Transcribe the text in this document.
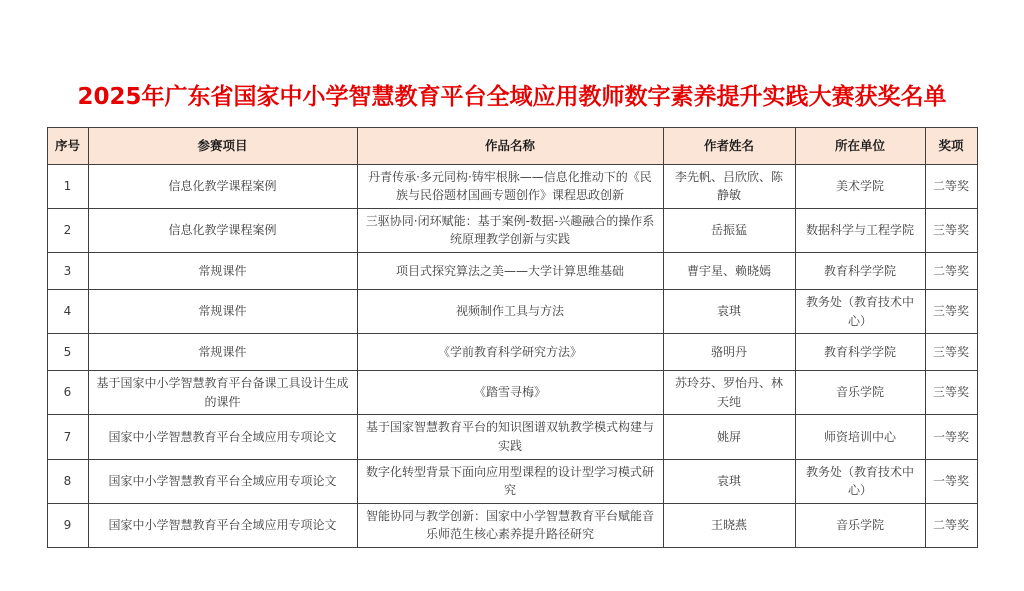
2025年广东省国家中小学智慧教育平台全域应用教师数字素养提升实践大赛获奖名单
序号	参赛项目	作品名称	作者姓名	所在单位	奖项
1	信息化教学课程案例	丹青传承·多元同构·铸牢根脉——信息化推动下的《民族与民俗题材国画专题创作》课程思政创新	李先帆、吕欣欣、陈静敏	美术学院	二等奖
2	信息化教学课程案例	三驱协同·闭环赋能：基于案例-数据-兴趣融合的操作系统原理教学创新与实践	岳振猛	数据科学与工程学院	三等奖
3	常规课件	项目式探究算法之美——大学计算思维基础	曹宇星、赖晓嫣	教育科学学院	二等奖
4	常规课件	视频制作工具与方法	袁琪	教务处（教育技术中心）	三等奖
5	常规课件	《学前教育科学研究方法》	骆明丹	教育科学学院	三等奖
6	基于国家中小学智慧教育平台备课工具设计生成的课件	《踏雪寻梅》	苏玲芬、罗怡丹、林天纯	音乐学院	三等奖
7	国家中小学智慧教育平台全域应用专项论文	基于国家智慧教育平台的知识图谱双轨教学模式构建与实践	姚屏	师资培训中心	一等奖
8	国家中小学智慧教育平台全域应用专项论文	数字化转型背景下面向应用型课程的设计型学习模式研究	袁琪	教务处（教育技术中心）	一等奖
9	国家中小学智慧教育平台全域应用专项论文	智能协同与教学创新：国家中小学智慧教育平台赋能音乐师范生核心素养提升路径研究	王晓燕	音乐学院	二等奖
